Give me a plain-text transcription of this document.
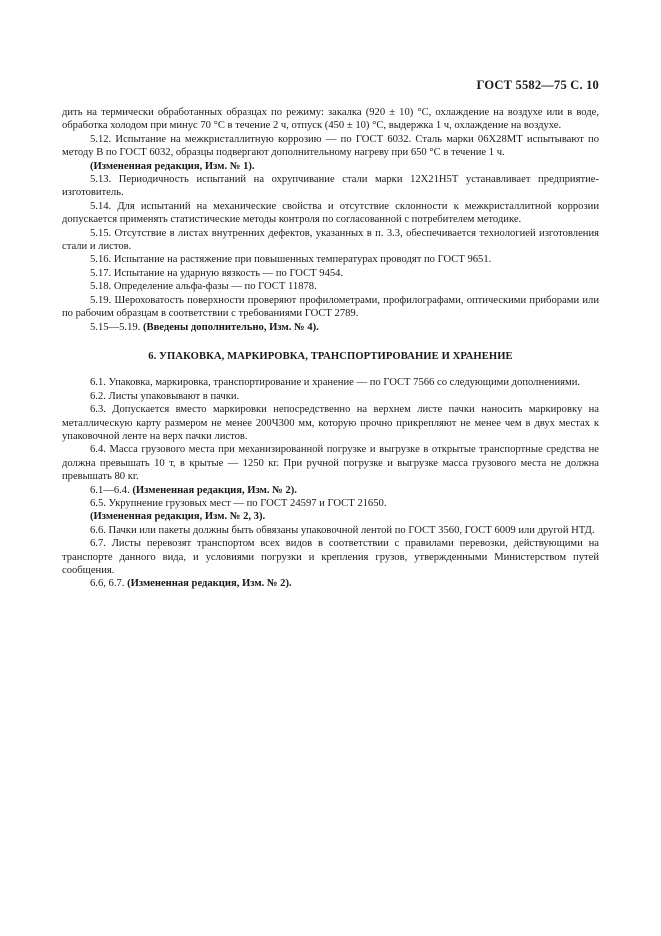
ГОСТ 5582—75 С. 10

дить на термически обработанных образцах по режиму: закалка (920 ± 10) °С, охлаждение на воздухе или в воде, обработка холодом при минус 70 °С в течение 2 ч, отпуск (450 ± 10) °С, выдержка 1 ч, охлаждение на воздухе.

5.12. Испытание на межкристаллитную коррозию — по ГОСТ 6032. Сталь марки 06Х28МТ испытывают по методу В по ГОСТ 6032, образцы подвергают дополнительному нагреву при 650 °С в течение 1 ч.

(Измененная редакция, Изм. № 1).

5.13. Периодичность испытаний на охрупчивание стали марки 12Х21Н5Т устанавливает предприятие-изготовитель.

5.14. Для испытаний на механические свойства и отсутствие склонности к межкристаллитной коррозии допускается применять статистические методы контроля по согласованной с потребителем методике.

5.15. Отсутствие в листах внутренних дефектов, указанных в п. 3.3, обеспечивается технологией изготовления стали и листов.

5.16. Испытание на растяжение при повышенных температурах проводят по ГОСТ 9651.

5.17. Испытание на ударную вязкость — по ГОСТ 9454.

5.18. Определение альфа-фазы — по ГОСТ 11878.

5.19. Шероховатость поверхности проверяют профилометрами, профилографами, оптическими приборами или по рабочим образцам в соответствии с требованиями ГОСТ 2789.

5.15—5.19. (Введены дополнительно, Изм. № 4).

6. УПАКОВКА, МАРКИРОВКА, ТРАНСПОРТИРОВАНИЕ И ХРАНЕНИЕ

6.1. Упаковка, маркировка, транспортирование и хранение — по ГОСТ 7566 со следующими дополнениями.

6.2. Листы упаковывают в пачки.

6.3. Допускается вместо маркировки непосредственно на верхнем листе пачки наносить маркировку на металлическую карту размером не менее 200Ч300 мм, которую прочно прикрепляют не менее чем в двух местах к упаковочной ленте на верх пачки листов.

6.4. Масса грузового места при механизированной погрузке и выгрузке в открытые транспортные средства не должна превышать 10 т, в крытые — 1250 кг. При ручной погрузке и выгрузке масса грузового места не должна превышать 80 кг.

6.1—6.4. (Измененная редакция, Изм. № 2).

6.5. Укрупнение грузовых мест — по ГОСТ 24597 и ГОСТ 21650.

(Измененная редакция, Изм. № 2, 3).

6.6. Пачки или пакеты должны быть обвязаны упаковочной лентой по ГОСТ 3560, ГОСТ 6009 или другой НТД.

6.7. Листы перевозят транспортом всех видов в соответствии с правилами перевозки, действующими на транспорте данного вида, и условиями погрузки и крепления грузов, утвержденными Министерством путей сообщения.

6.6, 6.7. (Измененная редакция, Изм. № 2).
